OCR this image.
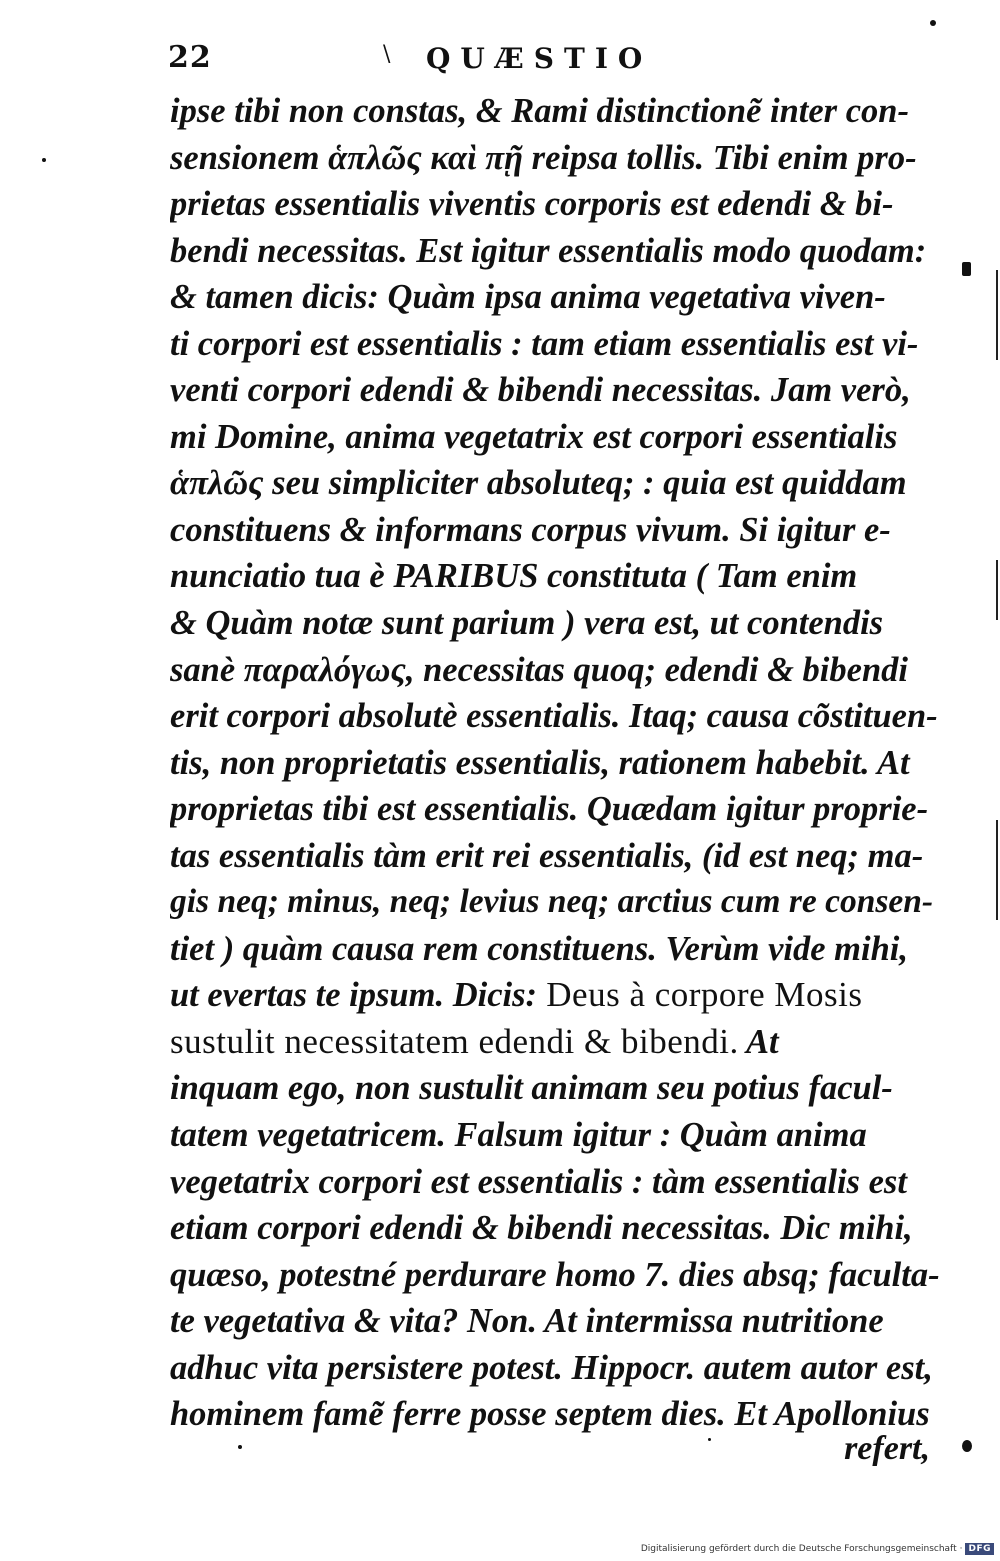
22	\ QUÆSTIO
ipse tibi non constas, & Rami distinctionẽ inter con-
sensionem ἁπλῶς καὶ πῇ reipsa tollis. Tibi enim pro-
prietas essentialis viventis corporis est edendi & bi-
bendi necessitas. Est igitur essentialis modo quodam:
& tamen dicis: Quàm ipsa anima vegetativa viven-
ti corpori est essentialis : tam etiam essentialis est vi-
venti corpori edendi & bibendi necessitas. Jam verò,
mi Domine, anima vegetatrix est corpori essentialis
ἁπλῶς seu simpliciter absoluteq; : quia est quiddam
constituens & informans corpus vivum. Si igitur e-
nunciatio tua è PARIBUS constituta ( Tam enim
& Quàm notæ sunt parium ) vera est, ut contendis
sanè παραλόγως, necessitas quoq; edendi & bibendi
erit corpori absolutè essentialis. Itaq; causa cõstituen-
tis, non proprietatis essentialis, rationem habebit. At
proprietas tibi est essentialis. Quædam igitur proprie-
tas essentialis tàm erit rei essentialis, (id est neq; ma-
gis neq; minus, neq; levius neq; arctius cum re consen-
tiet ) quàm causa rem constituens. Verùm vide mihi,
ut evertas te ipsum. Dicis: Deus à corpore Mosis
sustulit necessitatem edendi & bibendi. At
inquam ego, non sustulit animam seu potius facul-
tatem vegetatricem. Falsum igitur : Quàm anima
vegetatrix corpori est essentialis : tàm essentialis est
etiam corpori edendi & bibendi necessitas. Dic mihi,
quæso, potestné perdurare homo 7. dies absq; faculta-
te vegetativa & vita? Non. At intermissa nutritione
adhuc vita persistere potest. Hippocr. autem autor est,
hominem famẽ ferre posse septem dies. Et Apollonius
refert,
Digitalisierung gefördert durch die Deutsche Forschungsgemeinschaft · DFG
